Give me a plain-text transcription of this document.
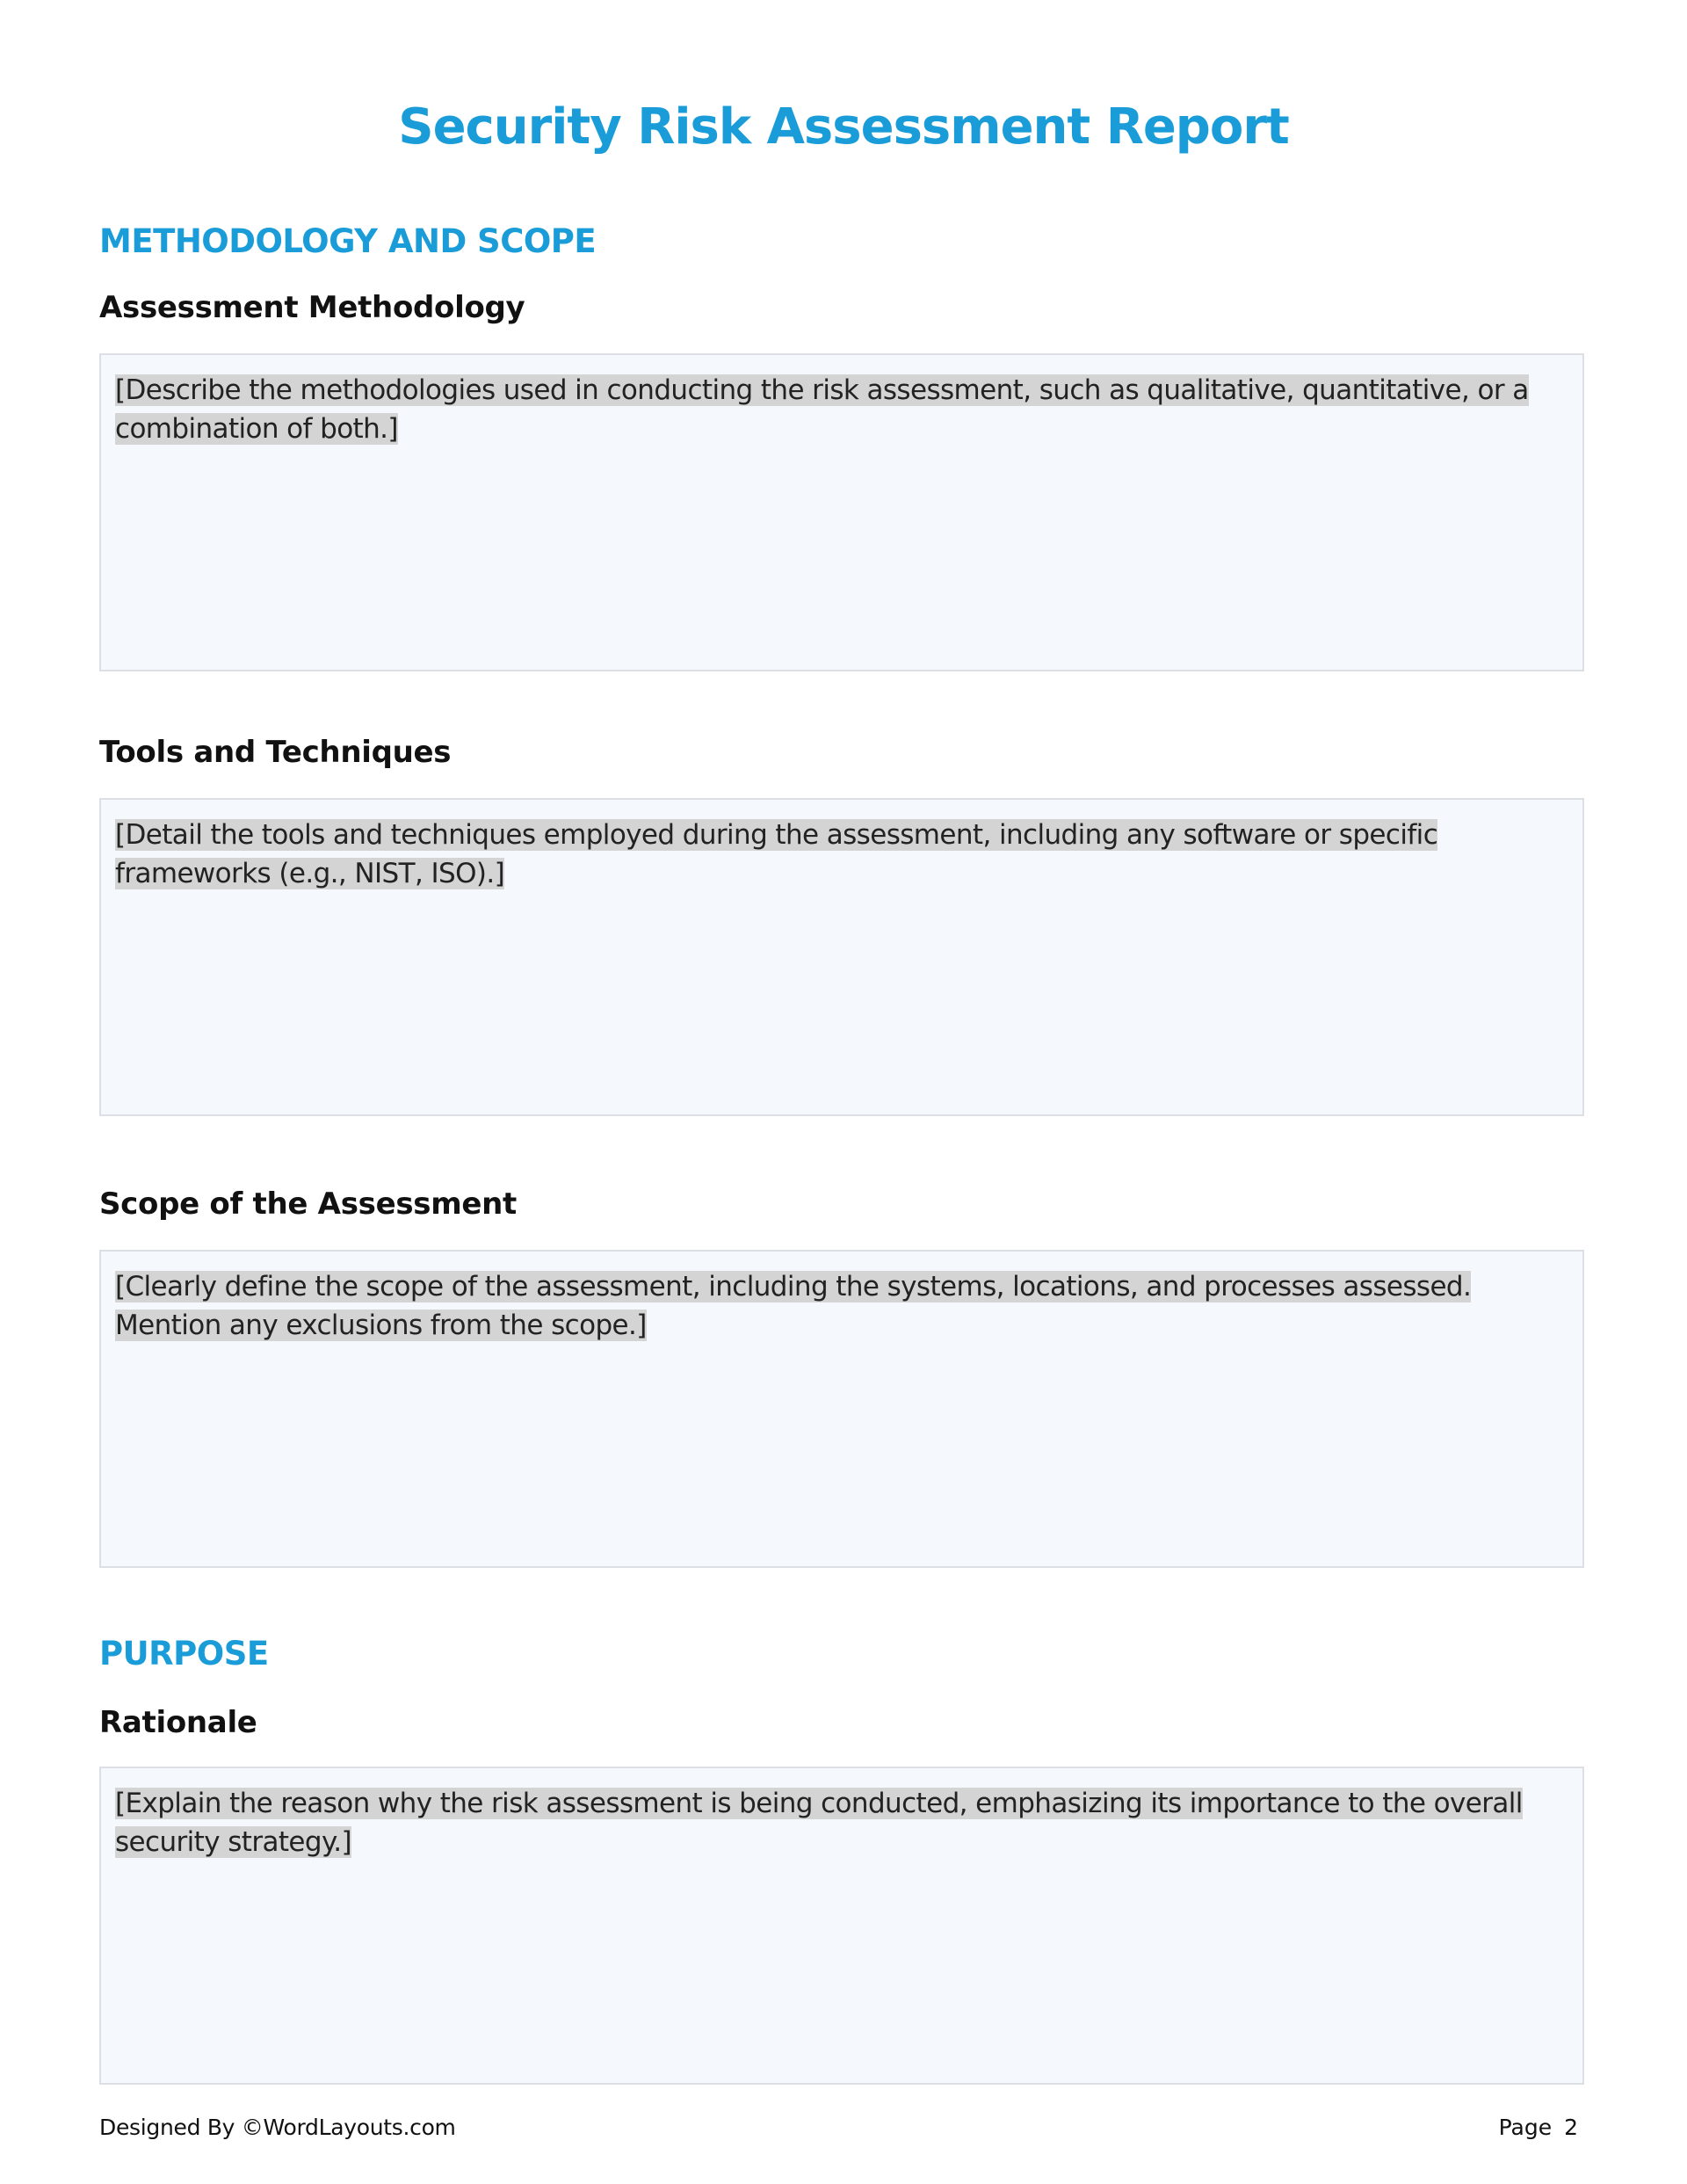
Security Risk Assessment Report
METHODOLOGY AND SCOPE
Assessment Methodology
[Describe the methodologies used in conducting the risk assessment, such as qualitative, quantitative, or a combination of both.]
Tools and Techniques
[Detail the tools and techniques employed during the assessment, including any software or specific frameworks (e.g., NIST, ISO).]
Scope of the Assessment
[Clearly define the scope of the assessment, including the systems, locations, and processes assessed. Mention any exclusions from the scope.]
PURPOSE
Rationale
[Explain the reason why the risk assessment is being conducted, emphasizing its importance to the overall security strategy.]
Designed By ©WordLayouts.com	Page 2
